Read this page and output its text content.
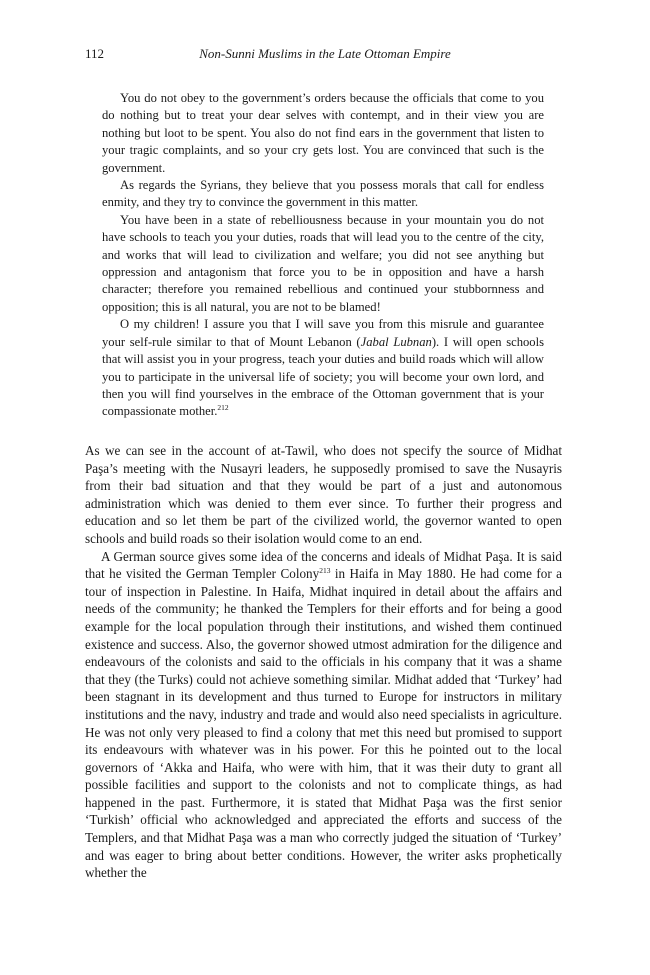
112	Non-Sunni Muslims in the Late Ottoman Empire

You do not obey to the government’s orders because the officials that come to you do nothing but to treat your dear selves with contempt, and in their view you are nothing but loot to be spent. You also do not find ears in the government that listen to your tragic complaints, and so your cry gets lost. You are convinced that such is the government.

As regards the Syrians, they believe that you possess morals that call for endless enmity, and they try to convince the government in this matter.

You have been in a state of rebelliousness because in your mountain you do not have schools to teach you your duties, roads that will lead you to the centre of the city, and works that will lead to civilization and welfare; you did not see anything but oppression and antagonism that force you to be in opposition and have a harsh character; therefore you remained rebellious and continued your stubbornness and opposition; this is all natural, you are not to be blamed!

O my children! I assure you that I will save you from this misrule and guarantee your self-rule similar to that of Mount Lebanon (Jabal Lubnan). I will open schools that will assist you in your progress, teach your duties and build roads which will allow you to participate in the universal life of society; you will become your own lord, and then you will find yourselves in the embrace of the Ottoman government that is your compassionate mother.$^{212}$

As we can see in the account of at-Tawil, who does not specify the source of Midhat Paşa’s meeting with the Nusayri leaders, he supposedly promised to save the Nusayris from their bad situation and that they would be part of a just and autonomous administration which was denied to them ever since. To further their progress and education and so let them be part of the civilized world, the governor wanted to open schools and build roads so their isolation would come to an end.

A German source gives some idea of the concerns and ideals of Midhat Paşa. It is said that he visited the German Templer Colony$^{213}$ in Haifa in May 1880. He had come for a tour of inspection in Palestine. In Haifa, Midhat inquired in detail about the affairs and needs of the community; he thanked the Templers for their efforts and for being a good example for the local population through their institutions, and wished them continued existence and success. Also, the governor showed utmost admiration for the diligence and endeavours of the colonists and said to the officials in his company that it was a shame that they (the Turks) could not achieve something similar. Midhat added that ‘Turkey’ had been stagnant in its development and thus turned to Europe for instructors in military institutions and the navy, industry and trade and would also need specialists in agriculture. He was not only very pleased to find a colony that met this need but promised to support its endeavours with whatever was in his power. For this he pointed out to the local governors of ‘Akka and Haifa, who were with him, that it was their duty to grant all possible facilities and support to the colonists and not to complicate things, as had happened in the past. Furthermore, it is stated that Midhat Paşa was the first senior ‘Turkish’ official who acknowledged and appreciated the efforts and success of the Templers, and that Midhat Paşa was a man who correctly judged the situation of ‘Turkey’ and was eager to bring about better conditions. However, the writer asks prophetically whether the
